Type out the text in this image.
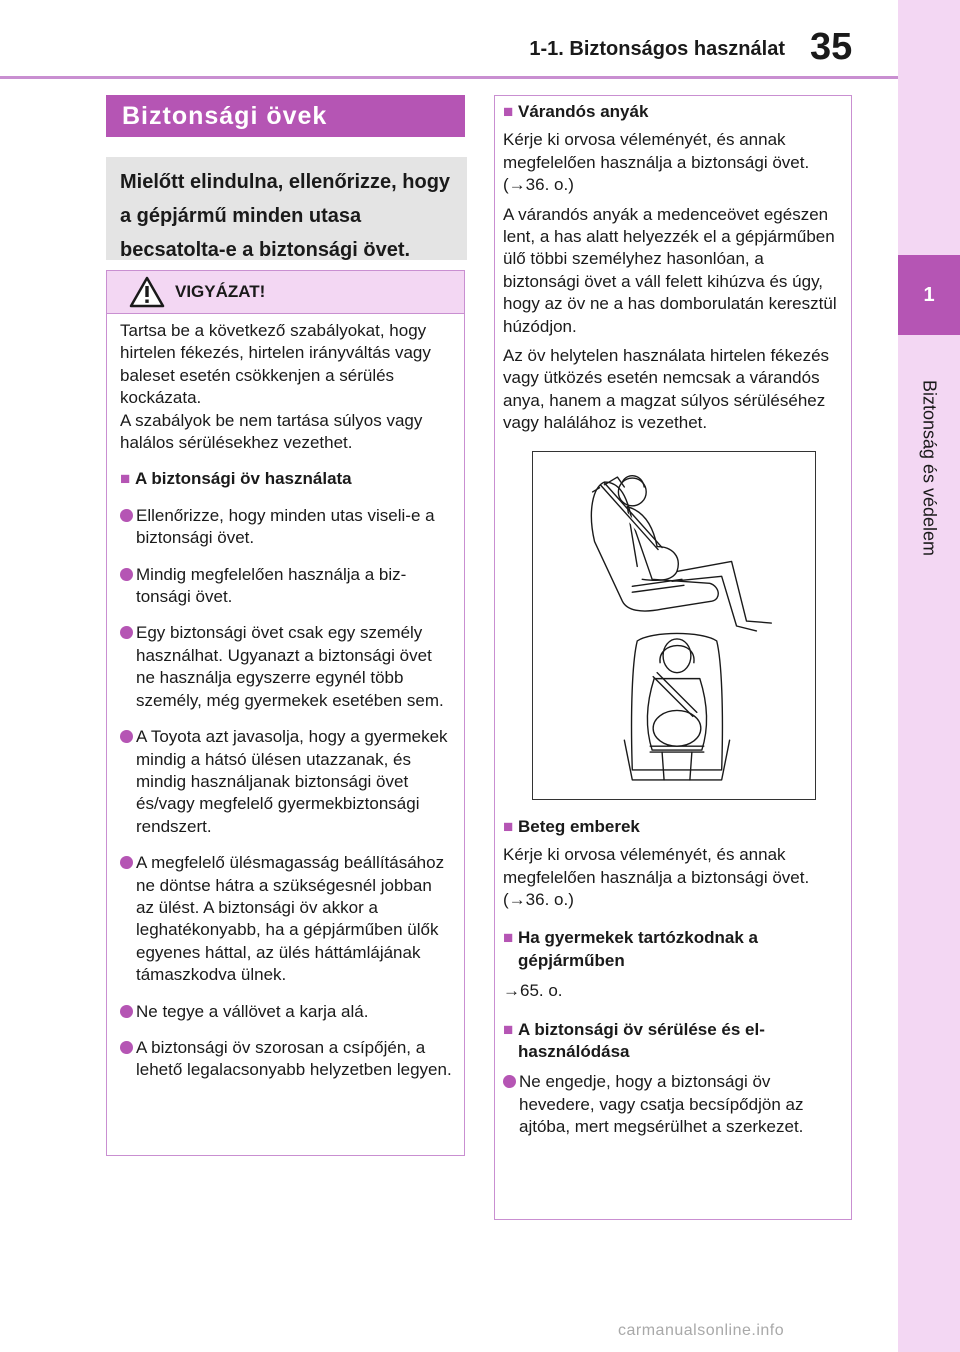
1-1. Biztonságos használat 35
1
Biztonság és védelem
Biztonsági övek
Mielőtt elindulna, ellenőrizze, hogy a gépjármű minden utasa becsatolta-e a biztonsági övet.
VIGYÁZAT!

Tartsa be a következő szabályokat, hogy hirtelen fékezés, hirtelen irányváltás vagy baleset esetén csökkenjen a sérülés kockázata.

A szabályok be nem tartása súlyos vagy halálos sérülésekhez vezethet.

■ A biztonsági öv használata
Ellenőrizze, hogy minden utas viseli-e a biztonsági övet.
Mindig megfelelően használja a biztonsági övet.
Egy biztonsági övet csak egy személy használhat. Ugyanazt a biztonsági övet ne használja egyszerre egynél több személy, még gyermekek esetében sem.
A Toyota azt javasolja, hogy a gyermekek mindig a hátsó ülésen utazzanak, és mindig használjanak biztonsági övet és/vagy megfelelő gyermekbiztonsági rendszert.
A megfelelő ülésmagasság beállításához ne döntse hátra a szükségesnél jobban az ülést. A biztonsági öv akkor a leghatékonyabb, ha a gépjárműben ülők egyenes háttal, az ülés háttámlájának támaszkodva ülnek.
Ne tegye a vállövet a karja alá.
A biztonsági öv szorosan a csípőjén, a lehető legalacsonyabb helyzetben legyen.
■ Várandós anyák

Kérje ki orvosa véleményét, és annak megfelelően használja a biztonsági övet. (→36. o.)

A várandós anyák a medenceövet egészen lent, a has alatt helyezzék el a gépjárműben ülő többi személyhez hasonlóan, a biztonsági övet a váll felett kihúzva és úgy, hogy az öv ne a has domborulatán keresztül húzódjon.

Az öv helytelen használata hirtelen fékezés vagy ütközés esetén nemcsak a várandós anya, hanem a magzat súlyos sérüléséhez vagy halálához is vezethet.

■ Beteg emberek

Kérje ki orvosa véleményét, és annak megfelelően használja a biztonsági övet. (→36. o.)

■ Ha gyermekek tartózkodnak a gépjárműben

→65. o.

■ A biztonsági öv sérülése és elhasználódása
Ne engedje, hogy a biztonsági öv hevedere, vagy csatja becsípődjön az ajtóba, mert megsérülhet a szerkezet.
carmanualsonline.info
